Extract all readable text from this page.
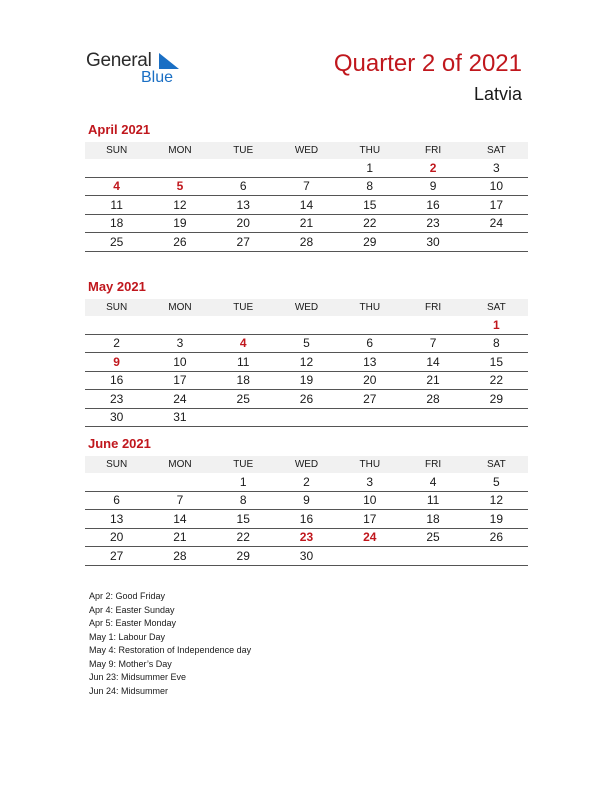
General
Blue
Quarter 2 of 2021
Latvia
April 2021
SUN	MON	TUE	WED	THU	FRI	SAT
				1	2	3
4	5	6	7	8	9	10
11	12	13	14	15	16	17
18	19	20	21	22	23	24
25	26	27	28	29	30	
May 2021
SUN	MON	TUE	WED	THU	FRI	SAT
						1
2	3	4	5	6	7	8
9	10	11	12	13	14	15
16	17	18	19	20	21	22
23	24	25	26	27	28	29
30	31					
June 2021
SUN	MON	TUE	WED	THU	FRI	SAT
		1	2	3	4	5
6	7	8	9	10	11	12
13	14	15	16	17	18	19
20	21	22	23	24	25	26
27	28	29	30			
Apr 2: Good Friday
Apr 4: Easter Sunday
Apr 5: Easter Monday
May 1: Labour Day
May 4: Restoration of Independence day
May 9: Mother’s Day
Jun 23: Midsummer Eve
Jun 24: Midsummer
